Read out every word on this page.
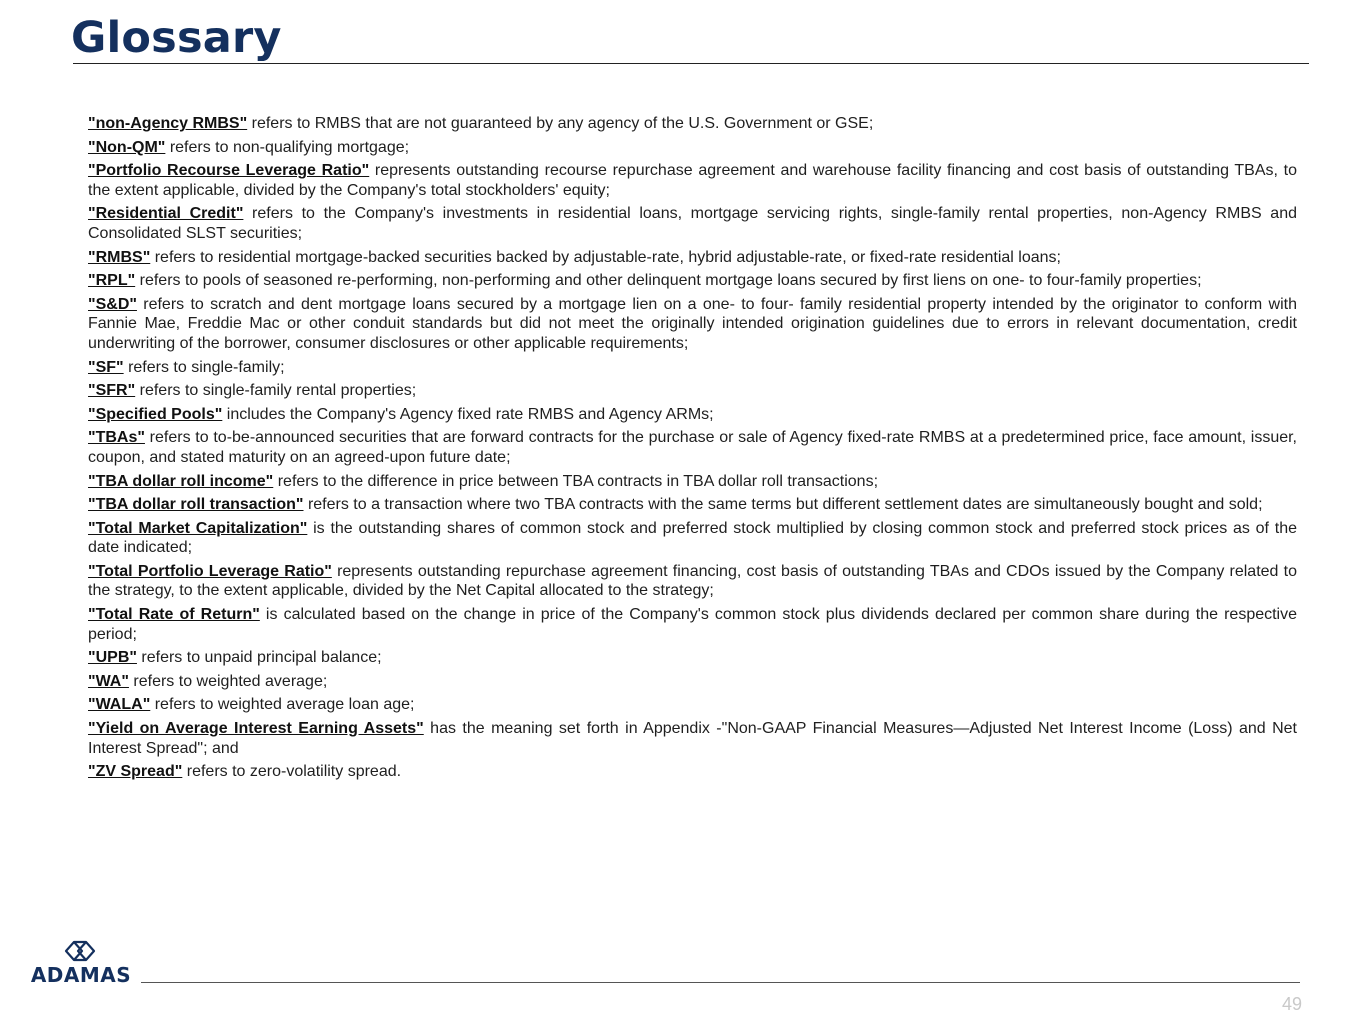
Glossary
"non-Agency RMBS" refers to RMBS that are not guaranteed by any agency of the U.S. Government or GSE;
"Non-QM" refers to non-qualifying mortgage;
"Portfolio Recourse Leverage Ratio" represents outstanding recourse repurchase agreement and warehouse facility financing and cost basis of outstanding TBAs, to the extent applicable, divided by the Company's total stockholders' equity;
"Residential Credit" refers to the Company's investments in residential loans, mortgage servicing rights, single-family rental properties, non-Agency RMBS and Consolidated SLST securities;
"RMBS" refers to residential mortgage-backed securities backed by adjustable-rate, hybrid adjustable-rate, or fixed-rate residential loans;
"RPL" refers to pools of seasoned re-performing, non-performing and other delinquent mortgage loans secured by first liens on one- to four-family properties;
"S&D" refers to scratch and dent mortgage loans secured by a mortgage lien on a one- to four- family residential property intended by the originator to conform with Fannie Mae, Freddie Mac or other conduit standards but did not meet the originally intended origination guidelines due to errors in relevant documentation, credit underwriting of the borrower, consumer disclosures or other applicable requirements;
"SF" refers to single-family;
"SFR" refers to single-family rental properties;
"Specified Pools" includes the Company's Agency fixed rate RMBS and Agency ARMs;
"TBAs" refers to to-be-announced securities that are forward contracts for the purchase or sale of Agency fixed-rate RMBS at a predetermined price, face amount, issuer, coupon, and stated maturity on an agreed-upon future date;
"TBA dollar roll income" refers to the difference in price between TBA contracts in TBA dollar roll transactions;
"TBA dollar roll transaction" refers to a transaction where two TBA contracts with the same terms but different settlement dates are simultaneously bought and sold;
"Total Market Capitalization" is the outstanding shares of common stock and preferred stock multiplied by closing common stock and preferred stock prices as of the date indicated;
"Total Portfolio Leverage Ratio" represents outstanding repurchase agreement financing, cost basis of outstanding TBAs and CDOs issued by the Company related to the strategy, to the extent applicable, divided by the Net Capital allocated to the strategy;
"Total Rate of Return" is calculated based on the change in price of the Company's common stock plus dividends declared per common share during the respective period;
"UPB" refers to unpaid principal balance;
"WA" refers to weighted average;
"WALA" refers to weighted average loan age;
"Yield on Average Interest Earning Assets" has the meaning set forth in Appendix -"Non-GAAP Financial Measures—Adjusted Net Interest Income (Loss) and Net Interest Spread"; and
"ZV Spread" refers to zero-volatility spread.
ADAMAS
49
